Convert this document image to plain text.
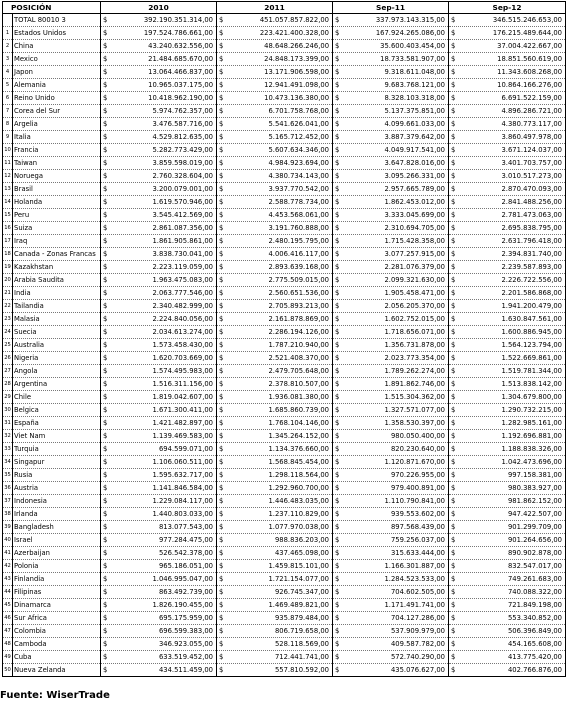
POSICIÓN		2010	2011	Sep-11	Sep-12
	TOTAL 80010 3	$ 392.190.351.314,00	$ 451.057.857.822,00	$ 337.973.143.315,00	$ 346.515.246.653,00

1	Estados Unidos	$ 197.524.786.661,00	$ 223.421.400.328,00	$ 167.924.265.086,00	$ 176.215.489.644,00

2	China	$ 43.240.632.556,00	$ 48.648.266.246,00	$ 35.600.403.454,00	$ 37.004.422.667,00

3	Mexico	$ 21.484.685.670,00	$ 24.848.173.399,00	$ 18.733.581.907,00	$ 18.851.560.619,00

4	Japon	$ 13.064.466.837,00	$ 13.171.906.598,00	$ 9.318.611.048,00	$ 11.343.608.268,00

5	Alemania	$ 10.965.037.175,00	$ 12.941.491.098,00	$ 9.683.768.121,00	$ 10.864.166.276,00

6	Reino Unido	$ 10.418.962.190,00	$ 10.473.136.380,00	$ 8.328.103.318,00	$ 6.691.522.159,00

7	Corea del Sur	$ 5.974.762.357,00	$ 6.701.758.768,00	$ 5.137.375.851,00	$ 4.896.286.721,00

8	Argelia	$ 3.476.587.716,00	$ 5.541.626.041,00	$ 4.099.661.033,00	$ 4.380.773.117,00

9	Italia	$ 4.529.812.635,00	$ 5.165.712.452,00	$ 3.887.379.642,00	$ 3.860.497.978,00

10	Francia	$ 5.282.773.429,00	$ 5.607.634.346,00	$ 4.049.917.541,00	$ 3.671.124.037,00

11	Taiwan	$ 3.859.598.019,00	$ 4.984.923.694,00	$ 3.647.828.016,00	$ 3.401.703.757,00

12	Noruega	$ 2.760.328.604,00	$ 4.380.734.143,00	$ 3.095.266.331,00	$ 3.010.517.273,00

13	Brasil	$ 3.200.079.001,00	$ 3.937.770.542,00	$ 2.957.665.789,00	$ 2.870.470.093,00

14	Holanda	$ 1.619.570.946,00	$ 2.588.778.734,00	$ 1.862.453.012,00	$ 2.841.488.256,00

15	Peru	$ 3.545.412.569,00	$ 4.453.568.061,00	$ 3.333.045.699,00	$ 2.781.473.063,00

16	Suiza	$ 2.861.087.356,00	$ 3.191.760.888,00	$ 2.310.694.705,00	$ 2.695.838.795,00

17	Iraq	$ 1.861.905.861,00	$ 2.480.195.795,00	$ 1.715.428.358,00	$ 2.631.796.418,00

18	Canada - Zonas Francas	$ 3.838.730.041,00	$ 4.006.416.117,00	$ 3.077.257.915,00	$ 2.394.831.740,00

19	Kazakhstan	$ 2.223.119.059,00	$ 2.893.639.168,00	$ 2.281.076.379,00	$ 2.239.587.893,00

20	Arabia Saudita	$ 1.963.475.083,00	$ 2.775.509.015,00	$ 2.099.321.630,00	$ 2.226.722.556,00

21	India	$ 2.063.777.546,00	$ 2.560.651.536,00	$ 1.905.458.471,00	$ 2.201.586.868,00

22	Tailandia	$ 2.340.482.999,00	$ 2.705.893.213,00	$ 2.056.205.370,00	$ 1.941.200.479,00

23	Malasia	$ 2.224.840.056,00	$ 2.161.878.869,00	$ 1.602.752.015,00	$ 1.630.847.561,00

24	Suecia	$ 2.034.613.274,00	$ 2.286.194.126,00	$ 1.718.656.071,00	$ 1.600.886.945,00

25	Australia	$ 1.573.458.430,00	$ 1.787.210.940,00	$ 1.356.731.878,00	$ 1.564.123.794,00

26	Nigeria	$ 1.620.703.669,00	$ 2.521.408.370,00	$ 2.023.773.354,00	$ 1.522.669.861,00

27	Angola	$ 1.574.495.983,00	$ 2.479.705.648,00	$ 1.789.262.274,00	$ 1.519.781.344,00

28	Argentina	$ 1.516.311.156,00	$ 2.378.810.507,00	$ 1.891.862.746,00	$ 1.513.838.142,00

29	Chile	$ 1.819.042.607,00	$ 1.936.081.380,00	$ 1.515.304.362,00	$ 1.304.679.800,00

30	Belgica	$ 1.671.300.411,00	$ 1.685.860.739,00	$ 1.327.571.077,00	$ 1.290.732.215,00

31	España	$ 1.421.482.897,00	$ 1.768.104.146,00	$ 1.358.530.397,00	$ 1.282.985.161,00

32	Viet Nam	$ 1.139.469.583,00	$ 1.345.264.152,00	$ 980.050.400,00	$ 1.192.696.881,00

33	Turquia	$ 694.599.071,00	$ 1.134.376.660,00	$ 820.230.640,00	$ 1.188.838.326,00

34	Singapur	$ 1.106.060.511,00	$ 1.568.845.454,00	$ 1.120.871.670,00	$ 1.042.473.696,00

35	Rusia	$ 1.595.632.717,00	$ 1.298.118.564,00	$ 970.226.955,00	$ 997.158.381,00

36	Austria	$ 1.141.846.584,00	$ 1.292.960.700,00	$ 979.400.891,00	$ 980.383.927,00

37	Indonesia	$ 1.229.084.117,00	$ 1.446.483.035,00	$ 1.110.790.841,00	$ 981.862.152,00

38	Irlanda	$ 1.440.803.033,00	$ 1.237.110.829,00	$ 939.553.602,00	$ 947.422.507,00

39	Bangladesh	$ 813.077.543,00	$ 1.077.970.038,00	$ 897.568.439,00	$ 901.299.709,00

40	Israel	$ 977.284.475,00	$ 988.836.203,00	$ 759.256.037,00	$ 901.264.656,00

41	Azerbaijan	$ 526.542.378,00	$ 437.465.098,00	$ 315.633.444,00	$ 890.902.878,00

42	Polonia	$ 965.186.051,00	$ 1.459.815.101,00	$ 1.166.301.887,00	$ 832.547.017,00

43	Finlandia	$ 1.046.995.047,00	$ 1.721.154.077,00	$ 1.284.523.533,00	$ 749.261.683,00

44	Filipinas	$ 863.492.739,00	$ 926.745.347,00	$ 704.602.505,00	$ 740.088.322,00

45	Dinamarca	$ 1.826.190.455,00	$ 1.469.489.821,00	$ 1.171.491.741,00	$ 721.849.198,00

46	Sur Africa	$ 695.175.959,00	$ 935.879.484,00	$ 704.127.286,00	$ 553.340.852,00

47	Colombia	$ 696.599.383,00	$ 806.719.658,00	$ 537.909.979,00	$ 506.396.849,00

48	Camboda	$ 346.923.055,00	$ 528.118.569,00	$ 409.587.782,00	$ 454.165.608,00

49	Cuba	$ 633.519.452,00	$ 712.441.741,00	$ 572.740.290,00	$ 413.775.420,00

50	Nueva Zelanda	$ 434.511.459,00	$ 557.810.592,00	$ 435.076.627,00	$ 402.766.876,00
Fuente: WiserTrade
